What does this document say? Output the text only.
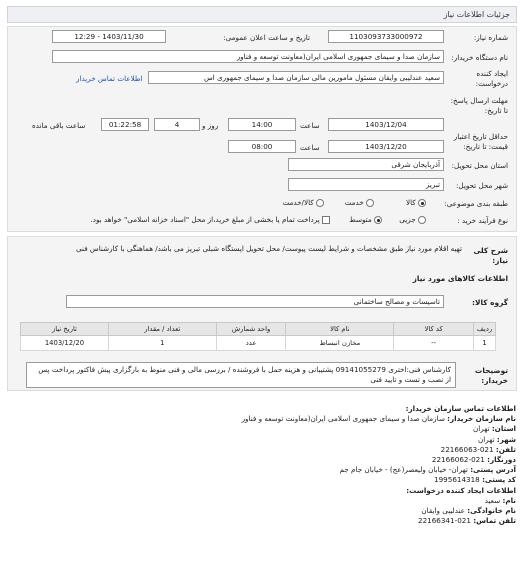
جزئیات اطلاعات نیاز
شماره نیاز:
1103093733000972
تاریخ و ساعت اعلان عمومی:
1403/11/30 - 12:29
نام دستگاه خریدار:
سازمان صدا و سیمای جمهوری اسلامی ایران(معاونت توسعه و فناور
ایجاد کننده
درخواست:
سعید عندلیبی وایقان مسئول مامورین مالی سازمان صدا و سیمای جمهوری اس
اطلاعات تماس خریدار
مهلت ارسال پاسخ:
تا تاریخ:
1403/12/04
ساعت
14:00
روز و
4
01:22:58
ساعت باقی مانده
حداقل تاریخ اعتبار
قیمت: تا تاریخ:
1403/12/20
ساعت
08:00
استان محل تحویل:
آذربایجان شرقی
شهر محل تحویل:
تبریز
طبقه بندی موضوعی:
کالا
خدمت
کالا/خدمت
نوع فرآیند خرید :
جزیی
متوسط
پرداخت تمام یا بخشی از مبلغ خرید،از محل "اسناد خزانه اسلامی" خواهد بود.
شرح کلی
نیاز:
تهیه اقلام مورد نیاز طبق مشخصات و شرایط لیست پیوست/ محل تحویل ایستگاه شبلی تبریز می باشد/ هماهنگی با کارشناس فنی
اطلاعات کالاهای مورد نیاز
گروه کالا:
تاسیسات و مصالح ساختمانی
ردیف	کد کالا	نام کالا	واحد شمارش	تعداد / مقدار	تاریخ نیاز
1	--	مخازن انبساط	عدد	1	1403/12/20
توضیحات
خریدار:
کارشناس فنی:اخترى 09141055279 پشتیبانی و هزینه حمل با فروشنده / بررسی مالی و فنی منوط به بارگزاری پیش فاکتور پرداخت پس از نصب و تست و تایید فنی
اطلاعات تماس سازمان خریدار:
نام سازمان خریدار: سازمان صدا و سیمای جمهوری اسلامی ایران(معاونت توسعه و فناور
استان: تهران
شهر: تهران
تلفن: 021-22166063
دورنگار: 021-22166062
آدرس پستی: تهران- خیابان ولیعصر(عج) - خیابان جام جم
کد پستی: 1995614318
اطلاعات ایجاد کننده درخواست:
نام: سعید
نام خانوادگی: عندلیبی وایقان
تلفن تماس: 021-22166341
